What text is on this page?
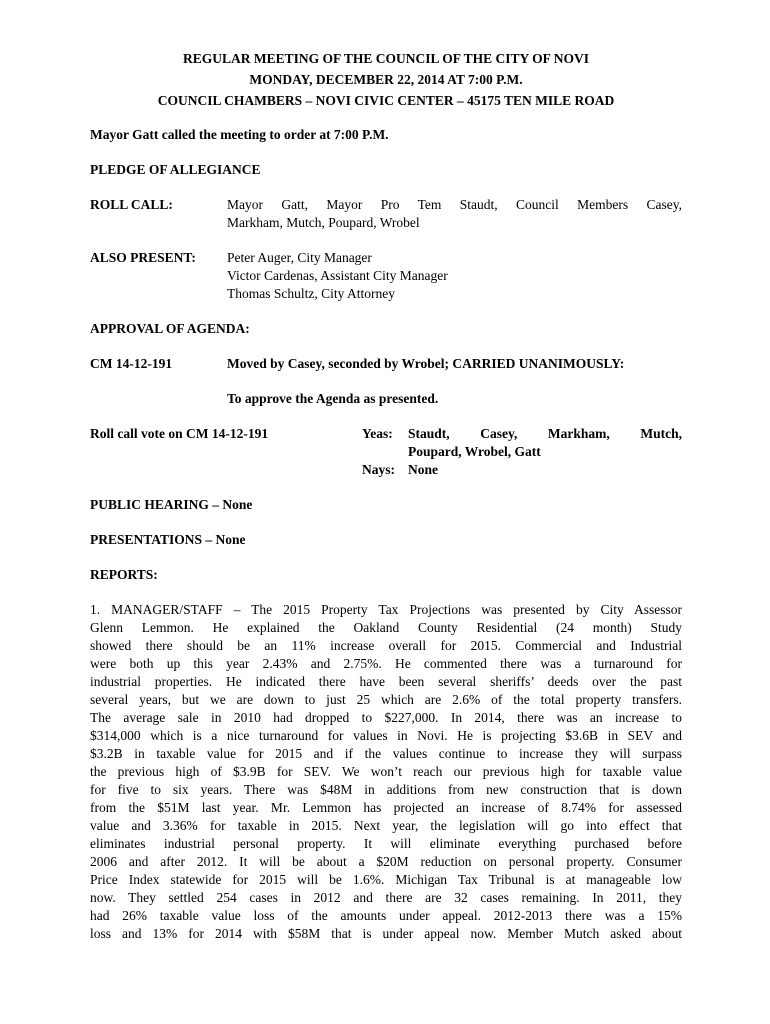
REGULAR MEETING OF THE COUNCIL OF THE CITY OF NOVI
MONDAY, DECEMBER 22, 2014 AT 7:00 P.M.
COUNCIL CHAMBERS – NOVI CIVIC CENTER – 45175 TEN MILE ROAD
Mayor Gatt called the meeting to order at 7:00 P.M.
PLEDGE OF ALLEGIANCE
ROLL CALL:	Mayor Gatt, Mayor Pro Tem Staudt, Council Members Casey,
Markham, Mutch, Poupard, Wrobel
ALSO PRESENT:	Peter Auger, City Manager
Victor Cardenas, Assistant City Manager
Thomas Schultz, City Attorney
APPROVAL OF AGENDA:
CM 14-12-191	Moved by Casey, seconded by Wrobel; CARRIED UNANIMOUSLY:
To approve the Agenda as presented.
Roll call vote on CM 14-12-191	Yeas:	Staudt, Casey, Markham, Mutch,
Poupard, Wrobel, Gatt
Nays: None
PUBLIC HEARING – None
PRESENTATIONS – None
REPORTS:
1. MANAGER/STAFF – The 2015 Property Tax Projections was presented by City Assessor
Glenn Lemmon. He explained the Oakland County Residential (24 month) Study
showed there should be an 11% increase overall for 2015. Commercial and Industrial
were both up this year 2.43% and 2.75%. He commented there was a turnaround for
industrial properties. He indicated there have been several sheriffs’ deeds over the past
several years, but we are down to just 25 which are 2.6% of the total property transfers.
The average sale in 2010 had dropped to $227,000. In 2014, there was an increase to
$314,000 which is a nice turnaround for values in Novi. He is projecting $3.6B in SEV and
$3.2B in taxable value for 2015 and if the values continue to increase they will surpass
the previous high of $3.9B for SEV. We won’t reach our previous high for taxable value
for five to six years. There was $48M in additions from new construction that is down
from the $51M last year. Mr. Lemmon has projected an increase of 8.74% for assessed
value and 3.36% for taxable in 2015. Next year, the legislation will go into effect that
eliminates industrial personal property. It will eliminate everything purchased before
2006 and after 2012. It will be about a $20M reduction on personal property. Consumer
Price Index statewide for 2015 will be 1.6%. Michigan Tax Tribunal is at manageable low
now. They settled 254 cases in 2012 and there are 32 cases remaining. In 2011, they
had 26% taxable value loss of the amounts under appeal. 2012-2013 there was a 15%
loss and 13% for 2014 with $58M that is under appeal now. Member Mutch asked about
